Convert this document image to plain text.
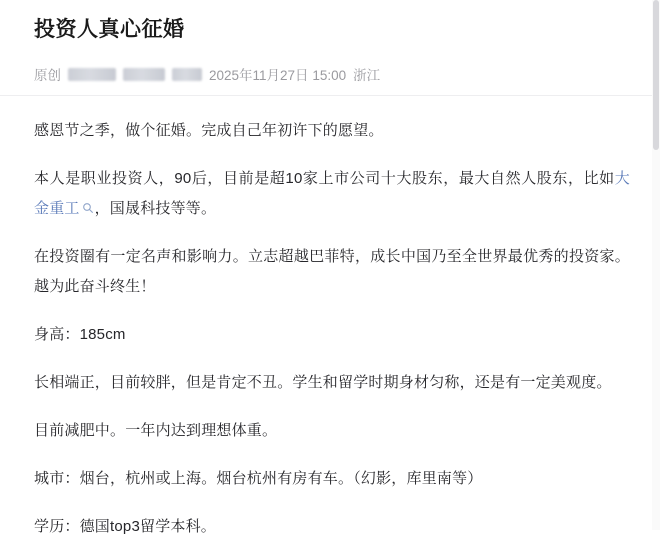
投资人真心征婚
原创	2025年11月27日 15:00 浙江

感恩节之季，做个征婚。完成自己年初许下的愿望。

本人是职业投资人，90后，目前是超10家上市公司十大股东，最大自然人股东，比如大金重工 ，国晟科技等等。

在投资圈有一定名声和影响力。立志超越巴菲特，成长中国乃至全世界最优秀的投资家。越为此奋斗终生！

身高：185cm

长相端正，目前较胖，但是肯定不丑。学生和留学时期身材匀称，还是有一定美观度。

目前减肥中。一年内达到理想体重。

城市：烟台，杭州或上海。烟台杭州有房有车。（幻影，库里南等）

学历：德国top3留学本科。
